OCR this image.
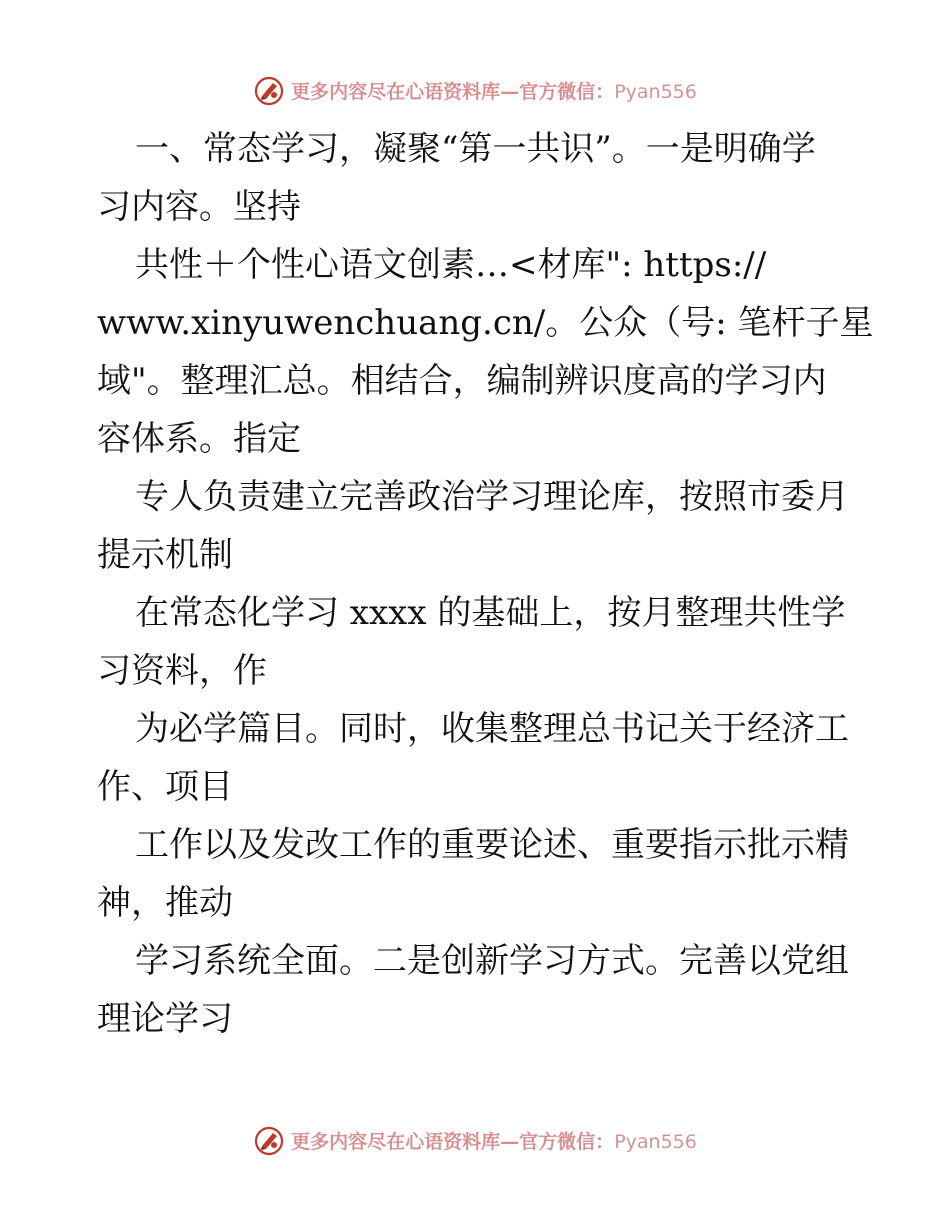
更多内容尽在心语资料库—官方微信：Pyan556
一、常态学习，凝聚“第一共识”。一是明确学
习内容。坚持
共性＋个性心语文创素…<材库": https://
www.xinyuwenchuang.cn/。公众（号: 笔杆子星
域"。整理汇总。相结合，编制辨识度高的学习内
容体系。指定
专人负责建立完善政治学习理论库，按照市委月
提示机制
在常态化学习 xxxx 的基础上，按月整理共性学
习资料，作
为必学篇目。同时，收集整理总书记关于经济工
作、项目
工作以及发改工作的重要论述、重要指示批示精
神，推动
学习系统全面。二是创新学习方式。完善以党组
理论学习
更多内容尽在心语资料库—官方微信：Pyan556
